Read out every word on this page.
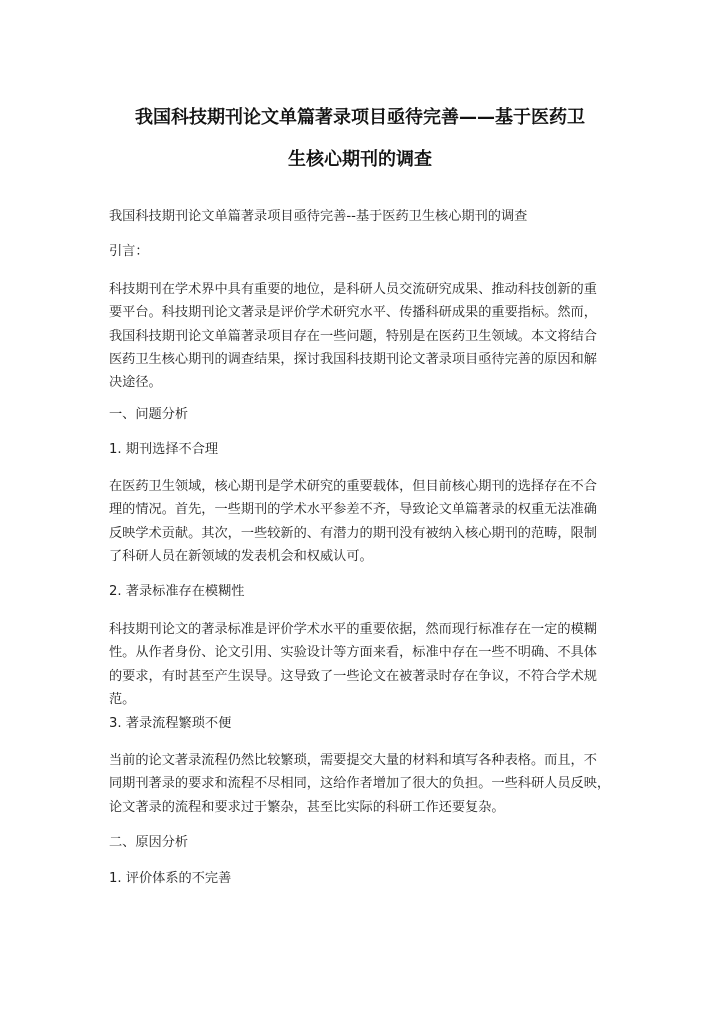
我国科技期刊论文单篇著录项目亟待完善——基于医药卫
生核心期刊的调查
我国科技期刊论文单篇著录项目亟待完善--基于医药卫生核心期刊的调查
引言：
科技期刊在学术界中具有重要的地位，是科研人员交流研究成果、推动科技创新的重
要平台。科技期刊论文著录是评价学术研究水平、传播科研成果的重要指标。然而，
我国科技期刊论文单篇著录项目存在一些问题，特别是在医药卫生领域。本文将结合
医药卫生核心期刊的调查结果，探讨我国科技期刊论文著录项目亟待完善的原因和解
决途径。
一、问题分析
1. 期刊选择不合理
在医药卫生领域，核心期刊是学术研究的重要载体，但目前核心期刊的选择存在不合
理的情况。首先，一些期刊的学术水平参差不齐，导致论文单篇著录的权重无法准确
反映学术贡献。其次，一些较新的、有潜力的期刊没有被纳入核心期刊的范畴，限制
了科研人员在新领域的发表机会和权威认可。
2. 著录标准存在模糊性
科技期刊论文的著录标准是评价学术水平的重要依据，然而现行标准存在一定的模糊
性。从作者身份、论文引用、实验设计等方面来看，标准中存在一些不明确、不具体
的要求，有时甚至产生误导。这导致了一些论文在被著录时存在争议，不符合学术规
范。
3. 著录流程繁琐不便
当前的论文著录流程仍然比较繁琐，需要提交大量的材料和填写各种表格。而且，不
同期刊著录的要求和流程不尽相同，这给作者增加了很大的负担。一些科研人员反映，
论文著录的流程和要求过于繁杂，甚至比实际的科研工作还要复杂。
二、原因分析
1. 评价体系的不完善
